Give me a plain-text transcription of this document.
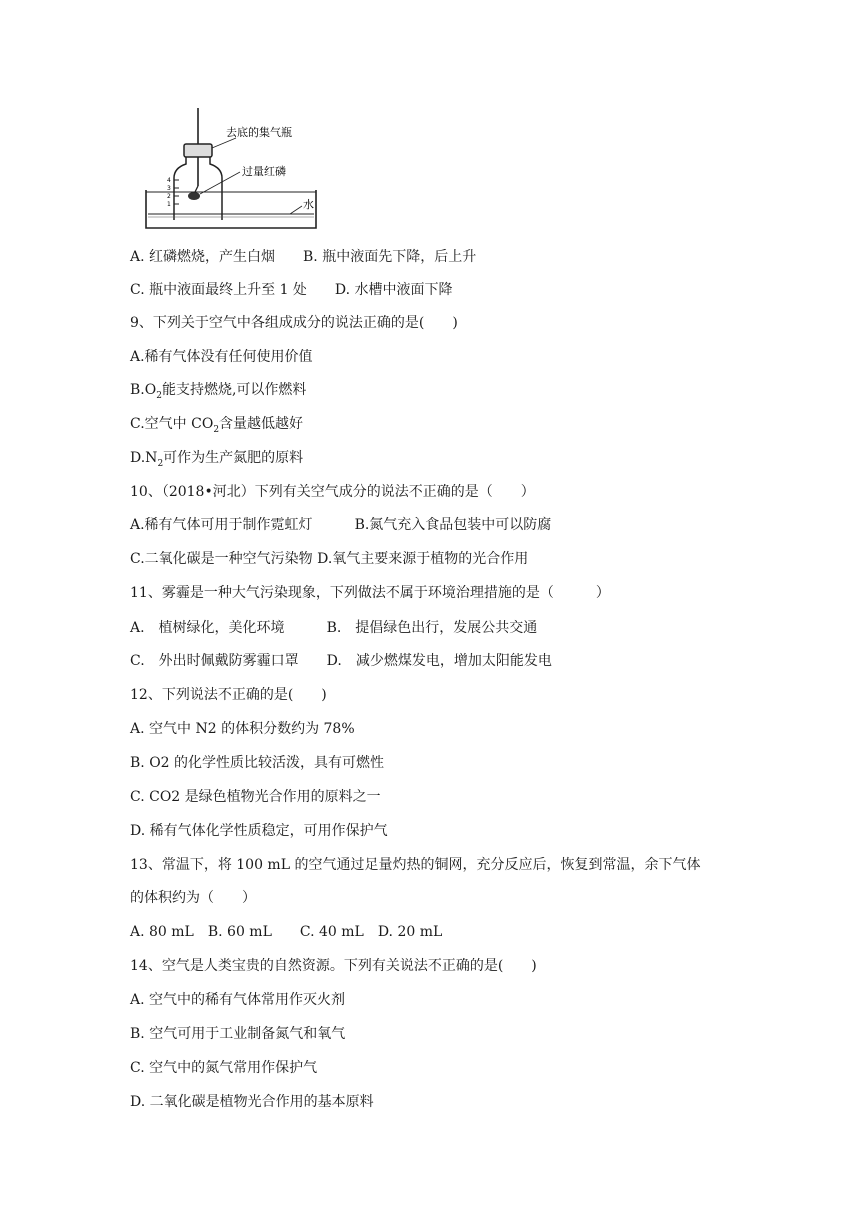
4
3
2
1
去底的集气瓶
过量红磷
水

A. 红磷燃烧，产生白烟　　 B. 瓶中液面先下降，后上升

C. 瓶中液面最终上升至 1 处　　 D. 水槽中液面下降

9、下列关于空气中各组成成分的说法正确的是(　　)

A.稀有气体没有任何使用价值

$B.O_2$能支持燃烧,可以作燃料

C.空气中 $CO_2$含量越低越好

$D.N_2$可作为生产氮肥的原料

10、（2018•河北）下列有关空气成分的说法不正确的是（　　）

A.稀有气体可用于制作霓虹灯　　　	B.氮气充入食品包装中可以防腐

C.二氧化碳是一种空气污染物 D.氧气主要来源于植物的光合作用

11、雾霾是一种大气污染现象，下列做法不属于环境治理措施的是（　　　）

A.　植树绿化，美化环境　　　	B.　提倡绿色出行，发展公共交通

C.　外出时佩戴防雾霾口罩　　 D.　减少燃煤发电，增加太阳能发电

12、下列说法不正确的是(　　)

A. 空气中 N2 的体积分数约为 78%

B. O2 的化学性质比较活泼，具有可燃性

C. CO2 是绿色植物光合作用的原料之一

D. 稀有气体化学性质稳定，可用作保护气

13、常温下，将 100 mL 的空气通过足量灼热的铜网，充分反应后，恢复到常温，余下气体

的体积约为（　　）

A. 80 mL　B. 60 mL　　C. 40 mL　D. 20 mL

14、空气是人类宝贵的自然资源。下列有关说法不正确的是(　　)

A. 空气中的稀有气体常用作灭火剂

B. 空气可用于工业制备氮气和氧气

C. 空气中的氮气常用作保护气

D. 二氧化碳是植物光合作用的基本原料
